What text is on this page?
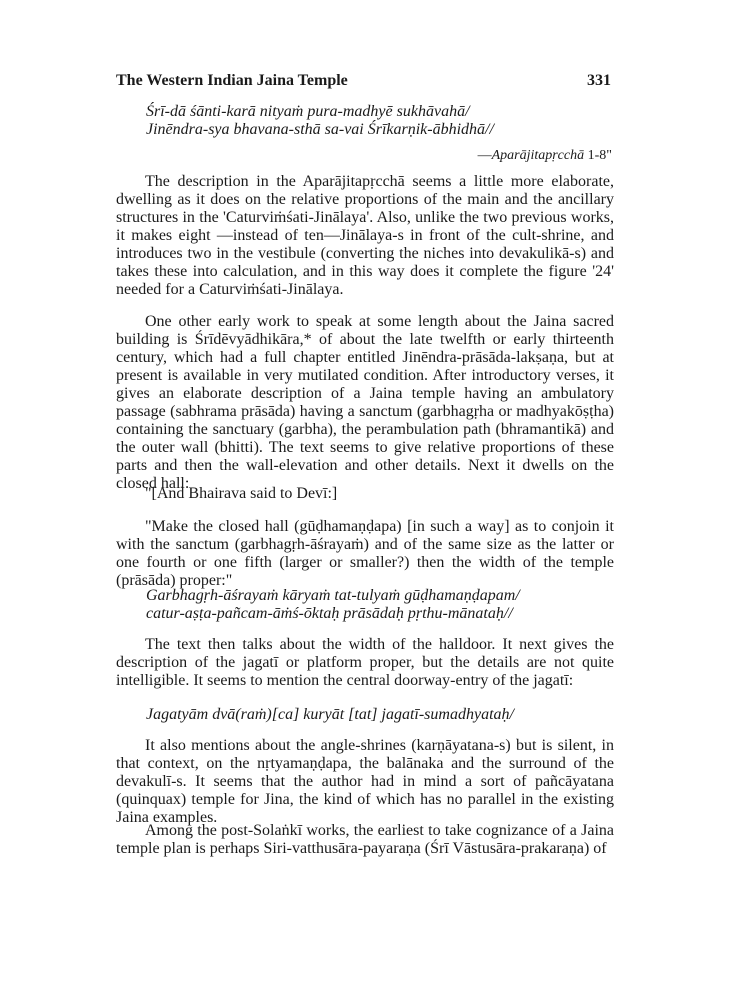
The Western Indian Jaina Temple	331
Śrī-dā śānti-karā nityaṁ pura-madhyē sukhāvahā/
Jinēndra-sya bhavana-sthā sa-vai Śrīkarṇik-ābhidhā//
—Aparājitapṛcchā 1-8"

The description in the Aparājitapṛcchā seems a little more elaborate, dwelling as it does on the relative proportions of the main and the ancillary structures in the 'Caturviṁśati-Jinālaya'. Also, unlike the two previous works, it makes eight —instead of ten—Jinālaya-s in front of the cult-shrine, and introduces two in the vestibule (converting the niches into devakulikā-s) and takes these into calculation, and in this way does it complete the figure '24' needed for a Caturviṁśati-Jinālaya.

One other early work to speak at some length about the Jaina sacred building is Śrīdēvyādhikāra,* of about the late twelfth or early thirteenth century, which had a full chapter entitled Jinēndra-prāsāda-lakṣaṇa, but at present is available in very mutilated condition. After introductory verses, it gives an elaborate description of a Jaina temple having an ambulatory passage (sabhrama prāsāda) having a sanctum (garbhagṛha or madhyakōṣṭha) containing the sanctuary (garbha), the perambulation path (bhramantikā) and the outer wall (bhitti). The text seems to give relative proportions of these parts and then the wall-elevation and other details. Next it dwells on the closed hall:

"[And Bhairava said to Devī:]

"Make the closed hall (gūḍhamaṇḍapa) [in such a way] as to conjoin it with the sanctum (garbhagṛh-āśrayaṁ) and of the same size as the latter or one fourth or one fifth (larger or smaller?) then the width of the temple (prāsāda) proper:"

Garbhagṛh-āśrayaṁ kāryaṁ tat-tulyaṁ gūḍhamaṇḍapam/
catur-aṣṭa-pañcam-āṁś-ōktaḥ prāsādaḥ pṛthu-mānataḥ//

The text then talks about the width of the halldoor. It next gives the description of the jagatī or platform proper, but the details are not quite intelligible. It seems to mention the central doorway-entry of the jagatī:

Jagatyām dvā(raṁ)[ca] kuryāt [tat] jagatī-sumadhyataḥ/

It also mentions about the angle-shrines (karṇāyatana-s) but is silent, in that context, on the nṛtyamaṇḍapa, the balānaka and the surround of the devakulī-s. It seems that the author had in mind a sort of pañcāyatana (quinquax) temple for Jina, the kind of which has no parallel in the existing Jaina examples.

Among the post-Solaṅkī works, the earliest to take cognizance of a Jaina temple plan is perhaps Siri-vatthusāra-payaraṇa (Śrī Vāstusāra-prakaraṇa) of
